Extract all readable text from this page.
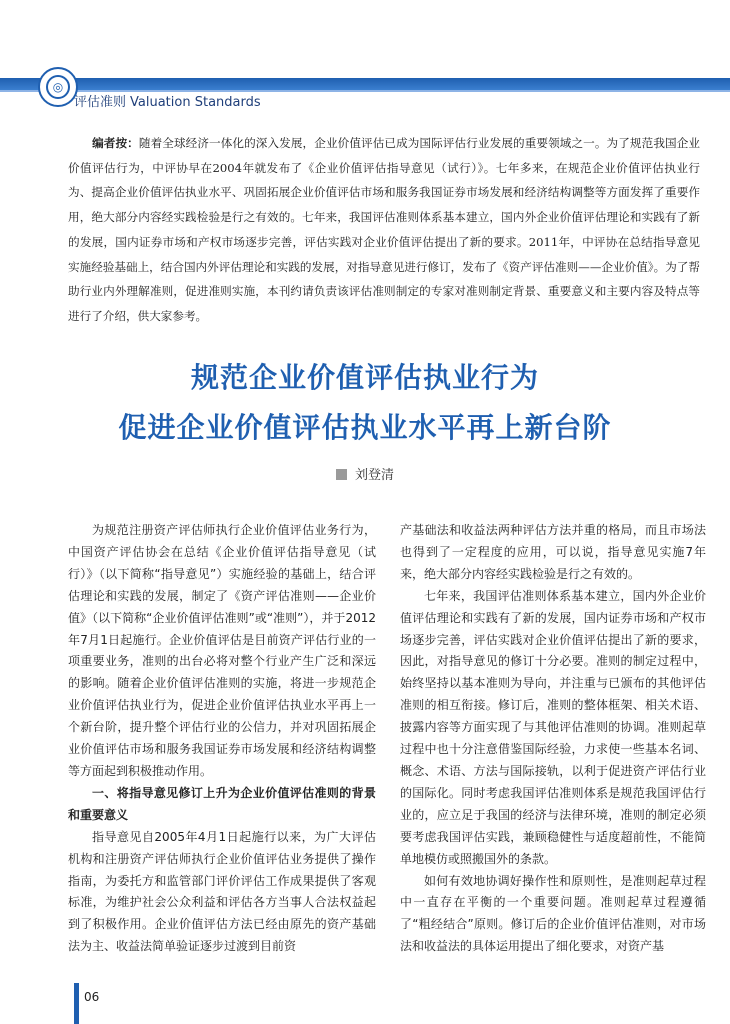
◎
评估准则 Valuation Standards
编者按：随着全球经济一体化的深入发展，企业价值评估已成为国际评估行业发展的重要领域之一。为了规范我国企业价值评估行为，中评协早在2004年就发布了《企业价值评估指导意见（试行）》。七年多来，在规范企业价值评估执业行为、提高企业价值评估执业水平、巩固拓展企业价值评估市场和服务我国证券市场发展和经济结构调整等方面发挥了重要作用，绝大部分内容经实践检验是行之有效的。七年来，我国评估准则体系基本建立，国内外企业价值评估理论和实践有了新的发展，国内证券市场和产权市场逐步完善，评估实践对企业价值评估提出了新的要求。2011年，中评协在总结指导意见实施经验基础上，结合国内外评估理论和实践的发展，对指导意见进行修订，发布了《资产评估准则——企业价值》。为了帮助行业内外理解准则，促进准则实施，本刊约请负责该评估准则制定的专家对准则制定背景、重要意义和主要内容及特点等进行了介绍，供大家参考。
规范企业价值评估执业行为
促进企业价值评估执业水平再上新台阶
刘登清

为规范注册资产评估师执行企业价值评估业务行为，中国资产评估协会在总结《企业价值评估指导意见（试行）》（以下简称“指导意见”）实施经验的基础上，结合评估理论和实践的发展，制定了《资产评估准则——企业价值》（以下简称“企业价值评估准则”或“准则”），并于2012年7月1日起施行。企业价值评估是目前资产评估行业的一项重要业务，准则的出台必将对整个行业产生广泛和深远的影响。随着企业价值评估准则的实施，将进一步规范企业价值评估执业行为，促进企业价值评估执业水平再上一个新台阶，提升整个评估行业的公信力，并对巩固拓展企业价值评估市场和服务我国证券市场发展和经济结构调整等方面起到积极推动作用。

一、将指导意见修订上升为企业价值评估准则的背景和重要意义

指导意见自2005年4月1日起施行以来，为广大评估机构和注册资产评估师执行企业价值评估业务提供了操作指南，为委托方和监管部门评价评估工作成果提供了客观标准，为维护社会公众利益和评估各方当事人合法权益起到了积极作用。企业价值评估方法已经由原先的资产基础法为主、收益法简单验证逐步过渡到目前资

产基础法和收益法两种评估方法并重的格局，而且市场法也得到了一定程度的应用，可以说，指导意见实施7年来，绝大部分内容经实践检验是行之有效的。

七年来，我国评估准则体系基本建立，国内外企业价值评估理论和实践有了新的发展，国内证券市场和产权市场逐步完善，评估实践对企业价值评估提出了新的要求，因此，对指导意见的修订十分必要。准则的制定过程中，始终坚持以基本准则为导向，并注重与已颁布的其他评估准则的相互衔接。修订后，准则的整体框架、相关术语、披露内容等方面实现了与其他评估准则的协调。准则起草过程中也十分注意借鉴国际经验，力求使一些基本名词、概念、术语、方法与国际接轨，以利于促进资产评估行业的国际化。同时考虑我国评估准则体系是规范我国评估行业的，应立足于我国的经济与法律环境，准则的制定必须要考虑我国评估实践，兼顾稳健性与适度超前性，不能简单地模仿或照搬国外的条款。

如何有效地协调好操作性和原则性，是准则起草过程中一直存在平衡的一个重要问题。准则起草过程遵循了“粗经结合”原则。修订后的企业价值评估准则，对市场法和收益法的具体运用提出了细化要求，对资产基

06
